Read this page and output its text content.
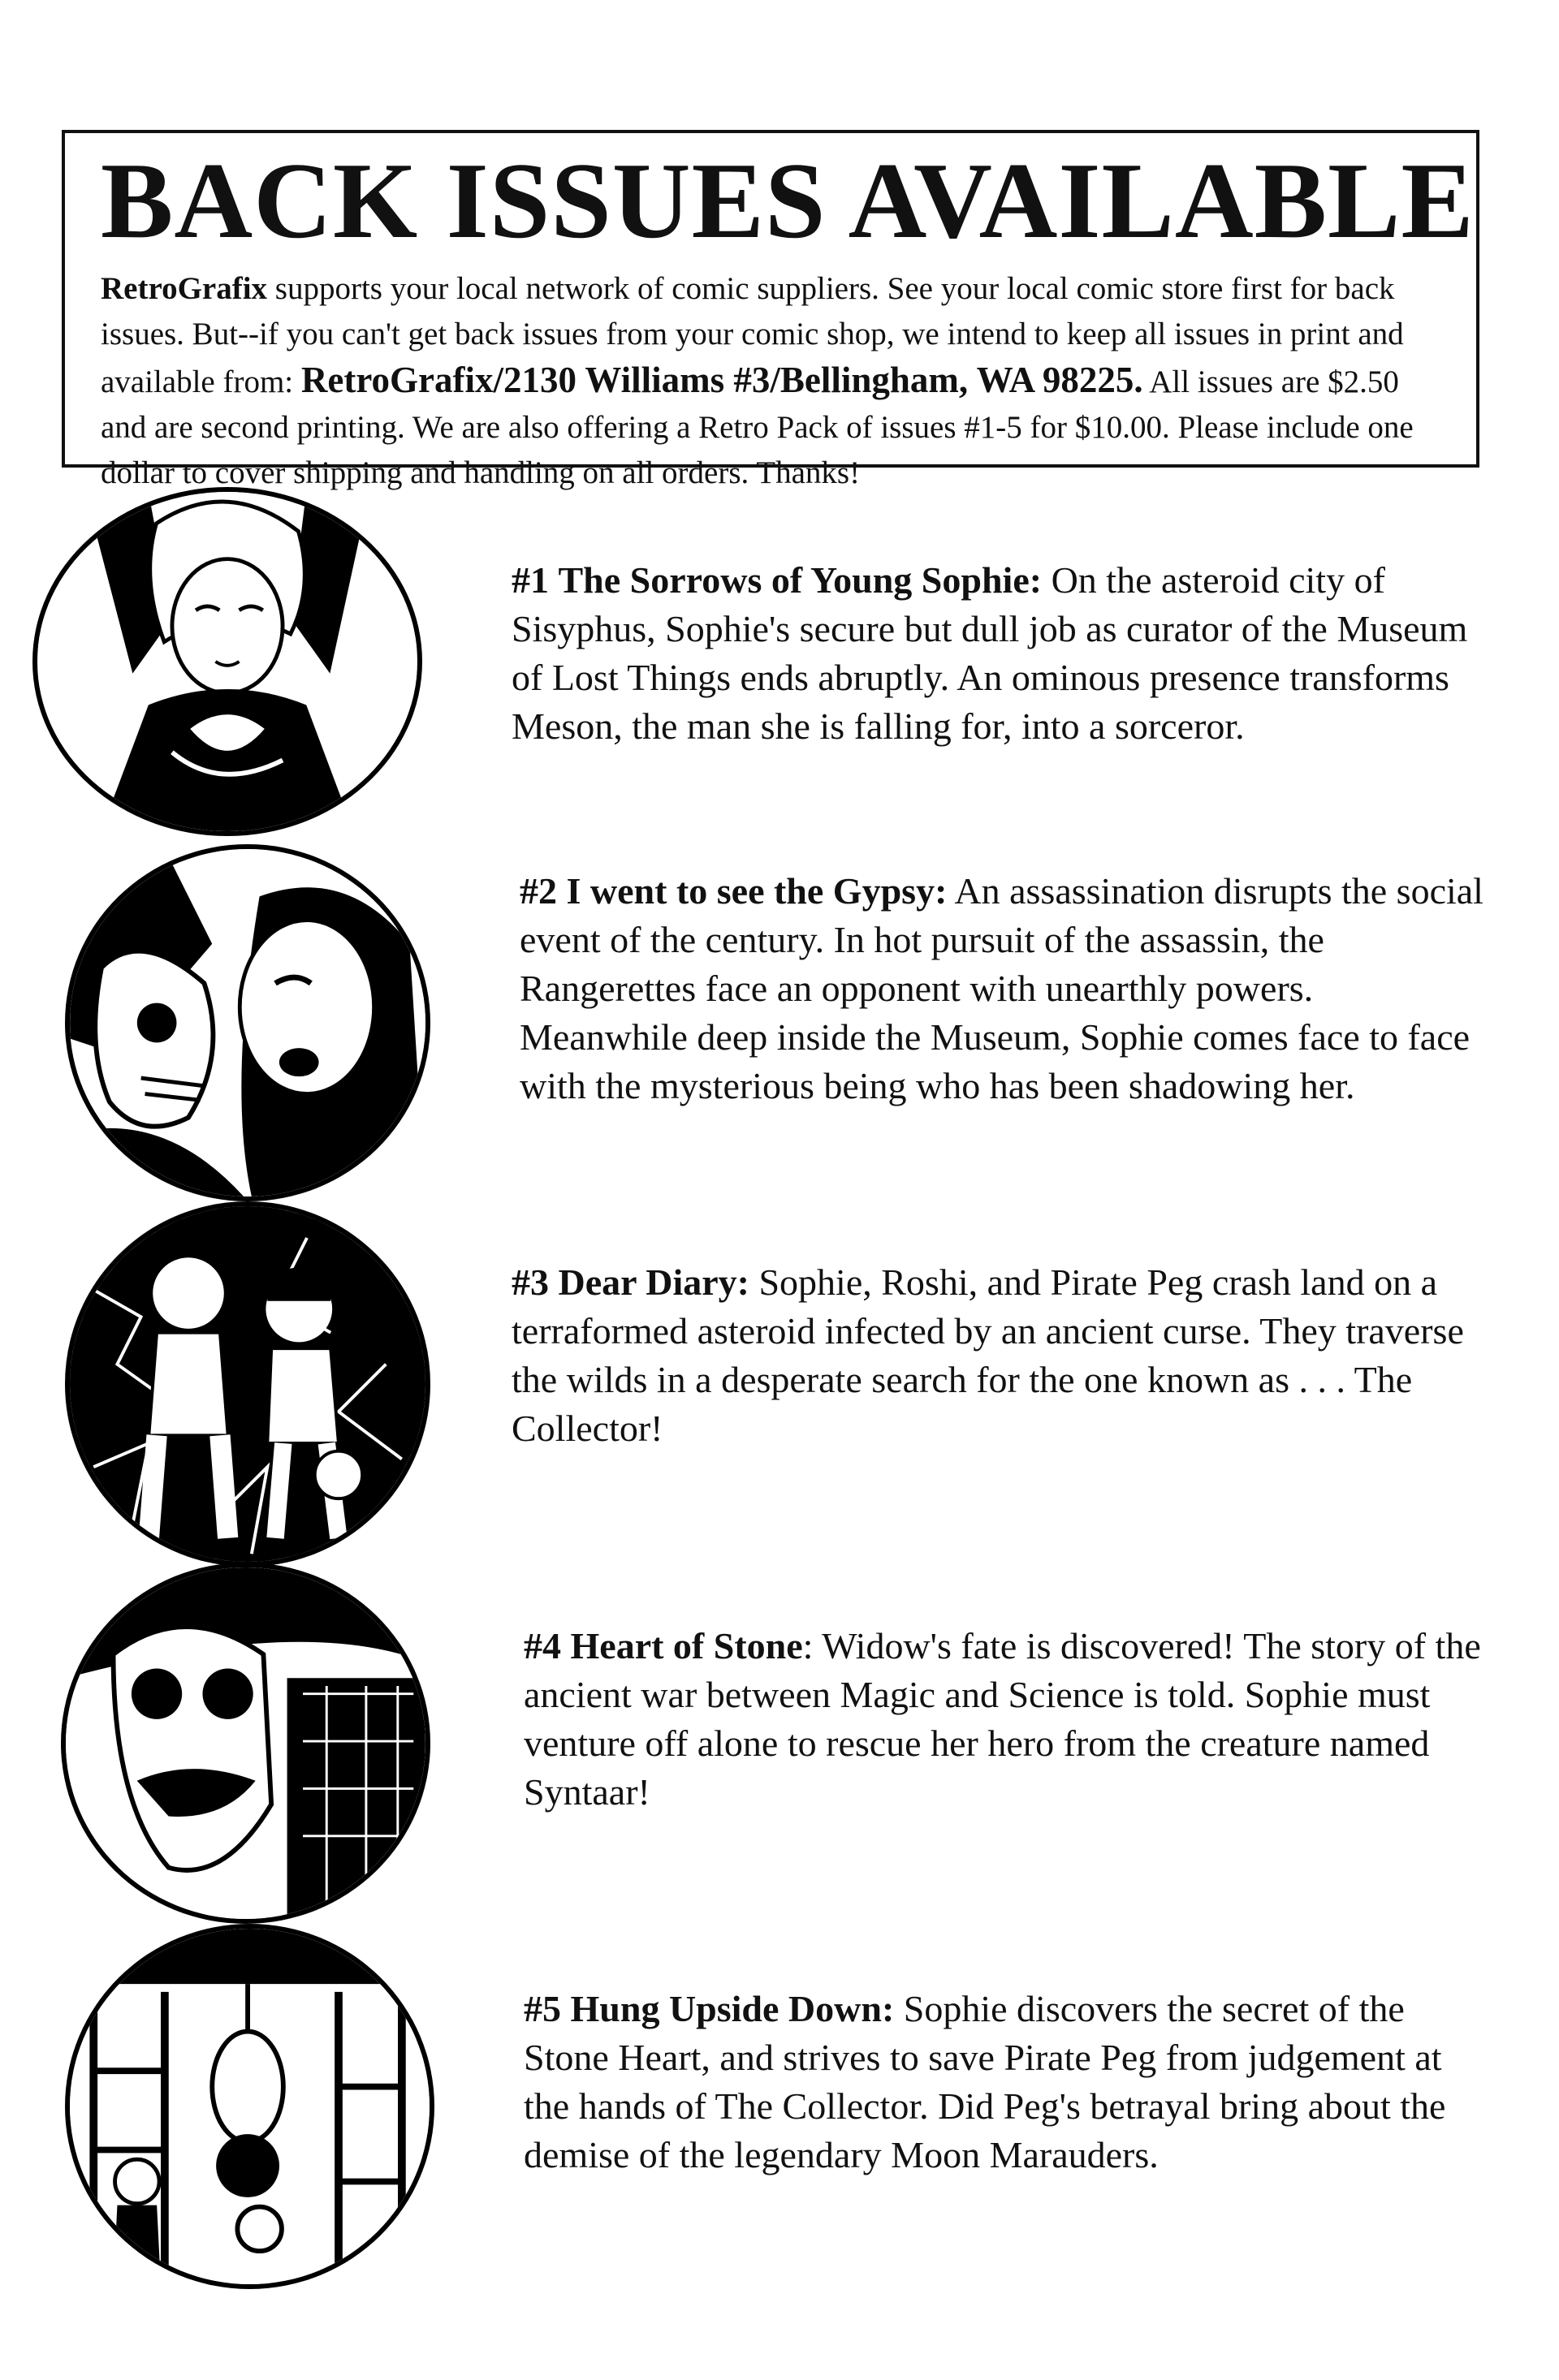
BACK ISSUES AVAILABLE

RetroGrafix supports your local network of comic suppliers. See your local comic store first for back issues. But--if you can't get back issues from your comic shop, we intend to keep all issues in print and available from: RetroGrafix/2130 Williams #3/Bellingham, WA 98225. All issues are $2.50 and are second printing. We are also offering a Retro Pack of issues #1-5 for $10.00. Please include one dollar to cover shipping and handling on all orders. Thanks!

#1 The Sorrows of Young Sophie: On the asteroid city of Sisyphus, Sophie's secure but dull job as curator of the Museum of Lost Things ends abruptly. An ominous presence transforms Meson, the man she is falling for, into a sorceror.

#2 I went to see the Gypsy: An assassination disrupts the social event of the century. In hot pursuit of the assassin, the Rangerettes face an opponent with unearthly powers. Meanwhile deep inside the Museum, Sophie comes face to face with the mysterious being who has been shadowing her.

#3 Dear Diary: Sophie, Roshi, and Pirate Peg crash land on a terraformed asteroid infected by an ancient curse. They traverse the wilds in a desperate search for the one known as . . . The Collector!

#4 Heart of Stone: Widow's fate is discovered! The story of the ancient war between Magic and Science is told. Sophie must venture off alone to rescue her hero from the creature named Syntaar!

#5 Hung Upside Down: Sophie discovers the secret of the Stone Heart, and strives to save Pirate Peg from judgement at the hands of The Collector. Did Peg's betrayal bring about the demise of the legendary Moon Marauders.
